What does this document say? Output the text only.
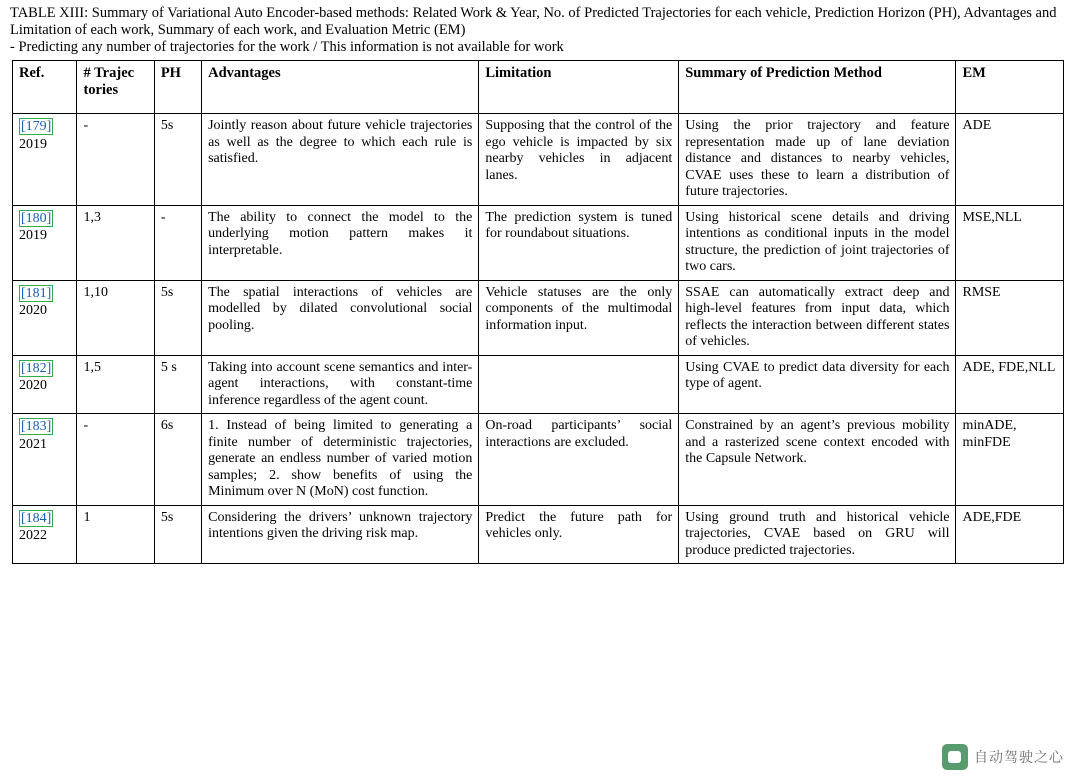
TABLE XIII: Summary of Variational Auto Encoder-based methods: Related Work & Year, No. of Predicted Trajectories for each vehicle, Prediction Horizon (PH), Advantages and Limitation of each work, Summary of each work, and Evaluation Metric (EM)
- Predicting any number of trajectories for the work / This information is not available for work
Ref.	# Trajec tories	PH	Advantages	Limitation	Summary of Prediction Method	EM
[179]
2019	-	5s	Jointly reason about future vehicle trajectories as well as the degree to which each rule is satisfied.	Supposing that the control of the ego vehicle is impacted by six nearby vehicles in adjacent lanes.	Using the prior trajectory and feature representation made up of lane deviation distance and distances to nearby vehicles, CVAE uses these to learn a distribution of future trajectories.	ADE
[180]
2019	1,3	-	The ability to connect the model to the underlying motion pattern makes it interpretable.	The prediction system is tuned for roundabout situations.	Using historical scene details and driving intentions as conditional inputs in the model structure, the prediction of joint trajectories of two cars.	MSE,NLL
[181]
2020	1,10	5s	The spatial interactions of vehicles are modelled by dilated convolutional social pooling.	Vehicle statuses are the only components of the multimodal information input.	SSAE can automatically extract deep and high-level features from input data, which reflects the interaction between different states of vehicles.	RMSE
[182]
2020	1,5	5 s	Taking into account scene semantics and inter-agent interactions, with constant-time inference regardless of the agent count.		Using CVAE to predict data diversity for each type of agent.	ADE, FDE,NLL
[183]
2021	-	6s	1. Instead of being limited to generating a finite number of deterministic trajectories, generate an endless number of varied motion samples; 2. show benefits of using the Minimum over N (MoN) cost function.	On-road participants’ social interactions are excluded.	Constrained by an agent’s previous mobility and a rasterized scene context encoded with the Capsule Network.	minADE, minFDE
[184]
2022	1	5s	Considering the drivers’ unknown trajectory intentions given the driving risk map.	Predict the future path for vehicles only.	Using ground truth and historical vehicle trajectories, CVAE based on GRU will produce predicted trajectories.	ADE,FDE
自动驾驶之心
